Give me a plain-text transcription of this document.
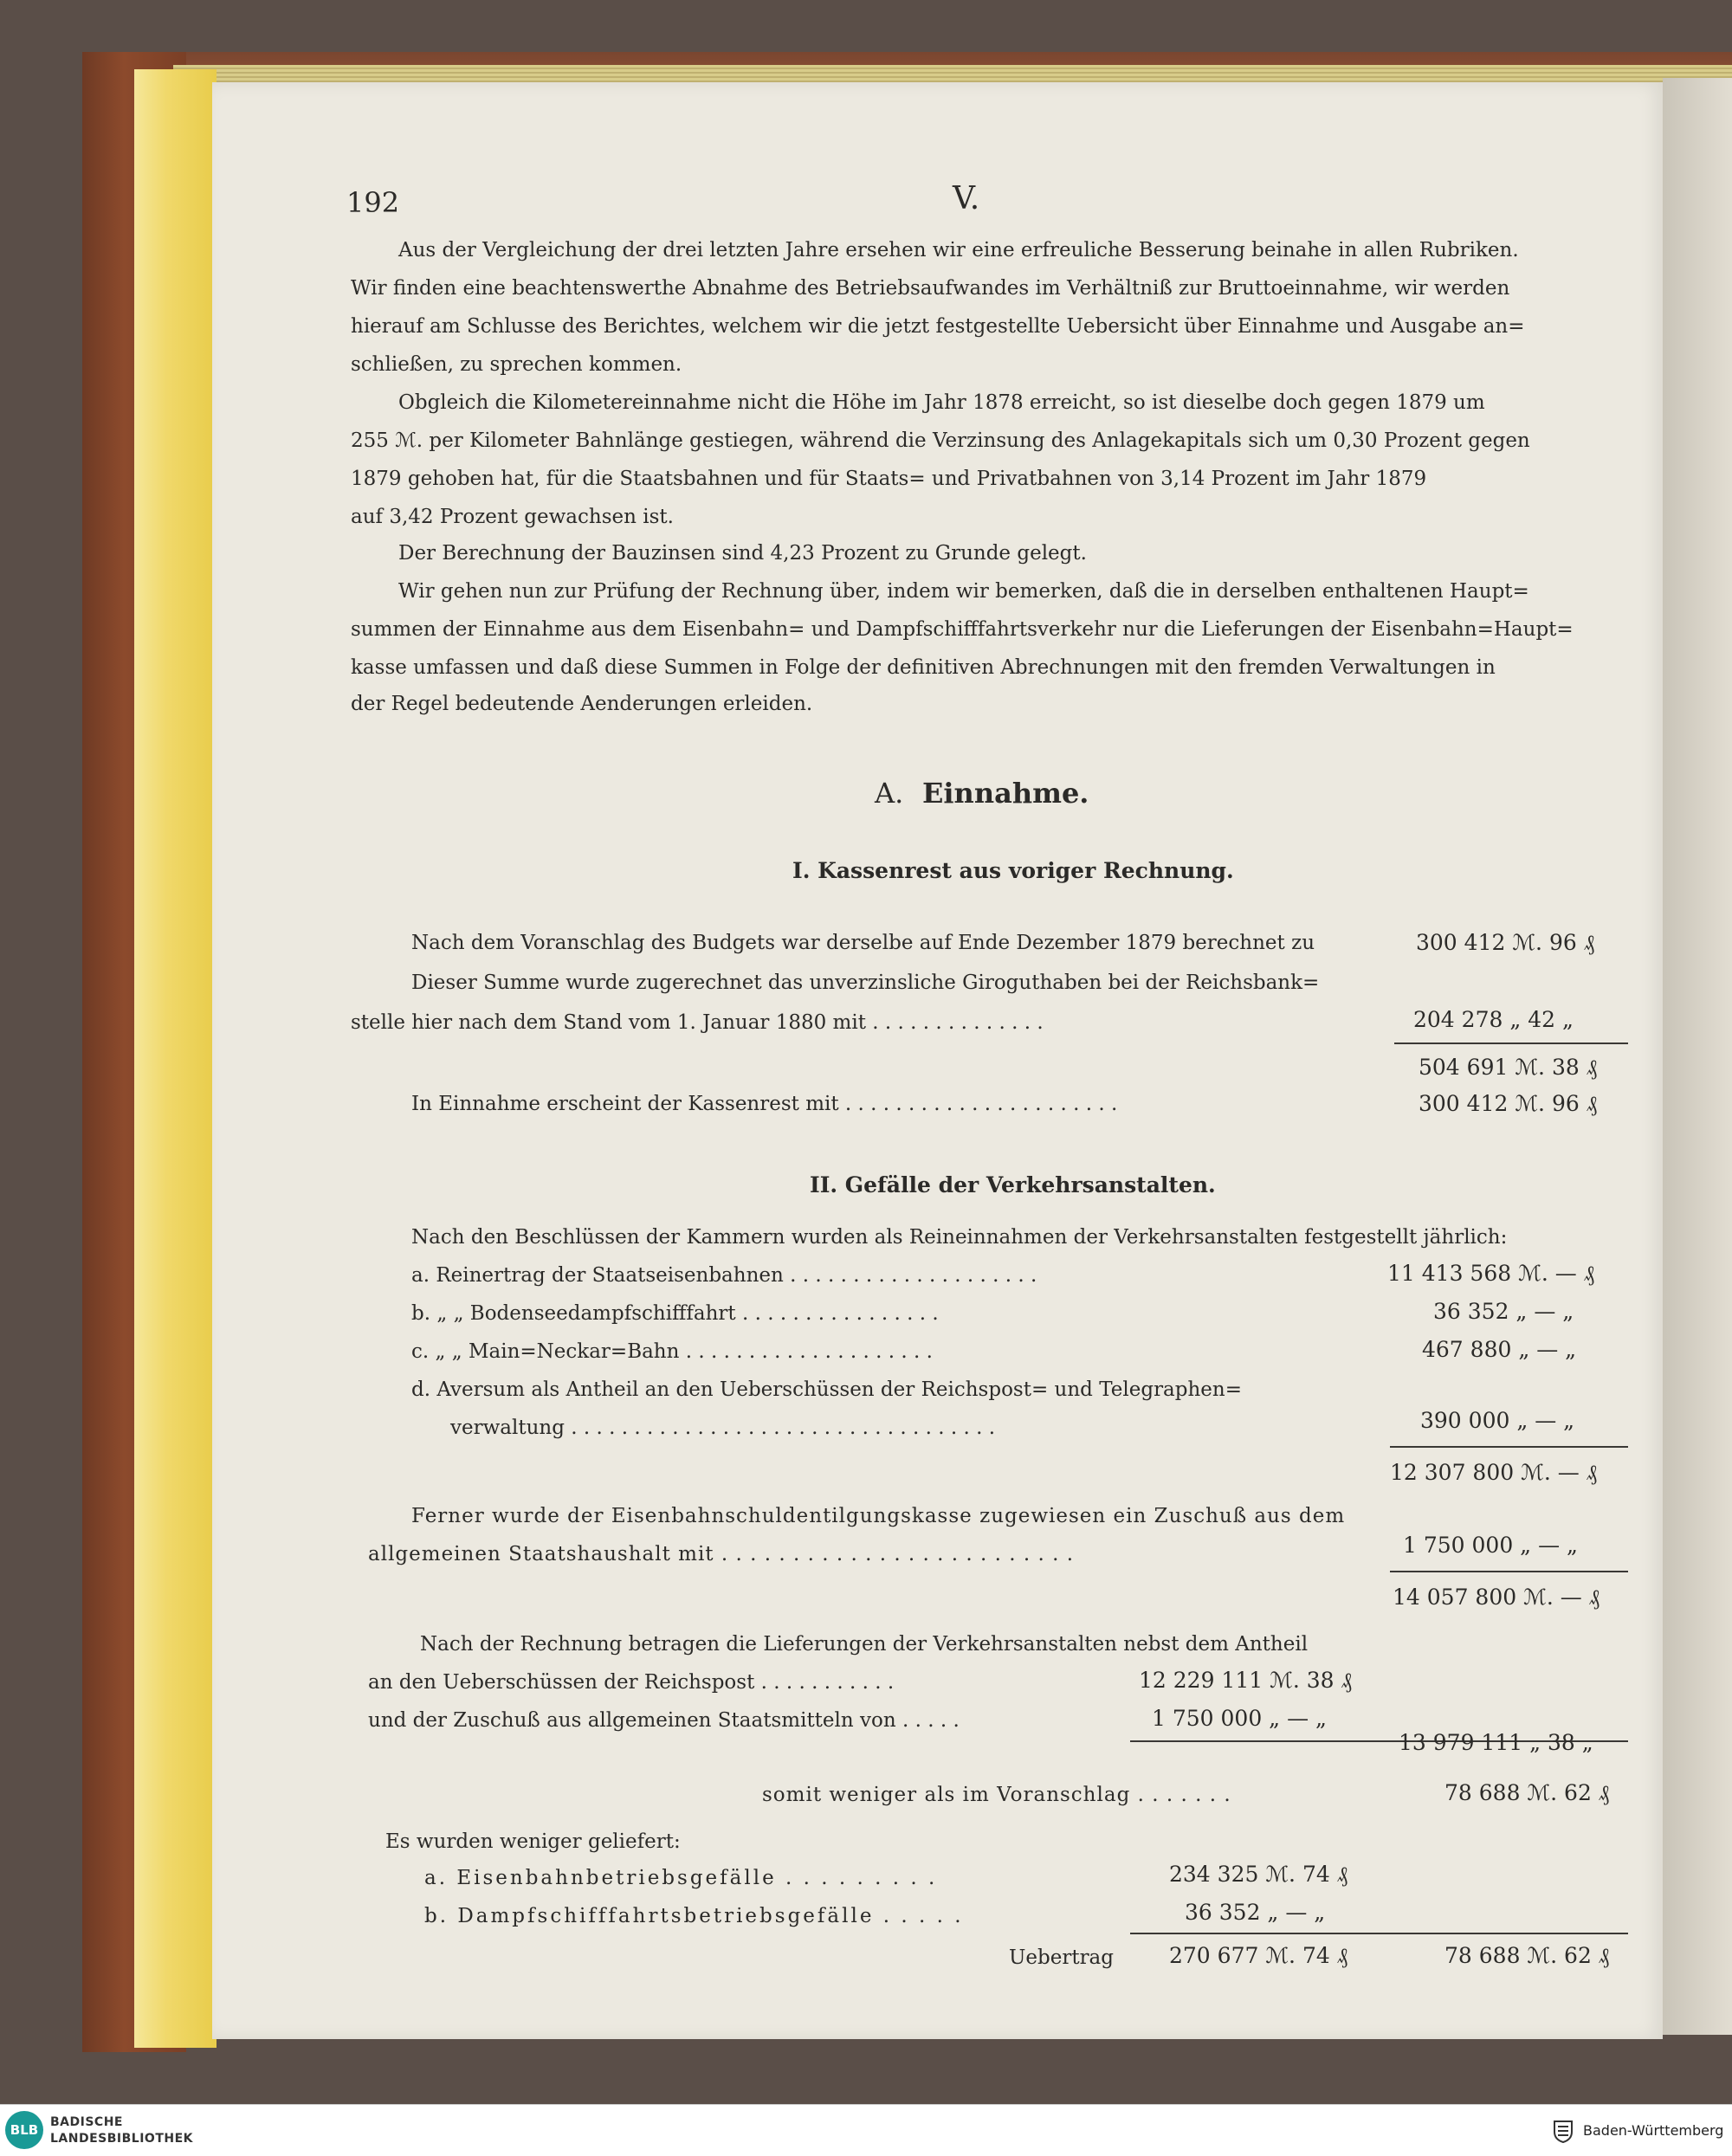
192	V.
Aus der Vergleichung der drei letzten Jahre ersehen wir eine erfreuliche Besserung beinahe in allen Rubriken.
Wir finden eine beachtenswerthe Abnahme des Betriebsaufwandes im Verhältniß zur Bruttoeinnahme, wir werden
hierauf am Schlusse des Berichtes, welchem wir die jetzt festgestellte Uebersicht über Einnahme und Ausgabe an=
schließen, zu sprechen kommen.
Obgleich die Kilometereinnahme nicht die Höhe im Jahr 1878 erreicht, so ist dieselbe doch gegen 1879 um
255 ℳ. per Kilometer Bahnlänge gestiegen, während die Verzinsung des Anlagekapitals sich um 0,30 Prozent gegen
1879 gehoben hat, für die Staatsbahnen und für Staats= und Privatbahnen von 3,14 Prozent im Jahr 1879
auf 3,42 Prozent gewachsen ist.
Der Berechnung der Bauzinsen sind 4,23 Prozent zu Grunde gelegt.
Wir gehen nun zur Prüfung der Rechnung über, indem wir bemerken, daß die in derselben enthaltenen Haupt=
summen der Einnahme aus dem Eisenbahn= und Dampfschifffahrtsverkehr nur die Lieferungen der Eisenbahn=Haupt=
kasse umfassen und daß diese Summen in Folge der definitiven Abrechnungen mit den fremden Verwaltungen in
der Regel bedeutende Aenderungen erleiden.
A. Einnahme.
I. Kassenrest aus voriger Rechnung.
Nach dem Voranschlag des Budgets war derselbe auf Ende Dezember 1879 berechnet zu	300 412 ℳ. 96 ₰
Dieser Summe wurde zugerechnet das unverzinsliche Giroguthaben bei der Reichsbank=
stelle hier nach dem Stand vom 1. Januar 1880 mit . . . . . . . . . . . . . .	204 278 „ 42 „
504 691 ℳ. 38 ₰
In Einnahme erscheint der Kassenrest mit . . . . . . . . . . . . . . . . . . . . . .	300 412 ℳ. 96 ₰
II. Gefälle der Verkehrsanstalten.
Nach den Beschlüssen der Kammern wurden als Reineinnahmen der Verkehrsanstalten festgestellt jährlich:
a. Reinertrag der Staatseisenbahnen . . . . . . . . . . . . . . . . . . . .	11 413 568 ℳ. — ₰
b. „ „ Bodenseedampfschifffahrt . . . . . . . . . . . . . . . .	36 352 „ — „
c. „ „ Main=Neckar=Bahn . . . . . . . . . . . . . . . . . . . .	467 880 „ — „
d. Aversum als Antheil an den Ueberschüssen der Reichspost= und Telegraphen=
verwaltung . . . . . . . . . . . . . . . . . . . . . . . . . . . . . . . . . .	390 000 „ — „
12 307 800 ℳ. — ₰
Ferner wurde der Eisenbahnschuldentilgungskasse zugewiesen ein Zuschuß aus dem
allgemeinen Staatshaushalt mit . . . . . . . . . . . . . . . . . . . . . . . . .	1 750 000 „ — „
14 057 800 ℳ. — ₰
Nach der Rechnung betragen die Lieferungen der Verkehrsanstalten nebst dem Antheil
an den Ueberschüssen der Reichspost . . . . . . . . . . .	12 229 111 ℳ. 38 ₰
und der Zuschuß aus allgemeinen Staatsmitteln von . . . . .	1 750 000 „ — „
13 979 111 „ 38 „
somit weniger als im Voranschlag . . . . . . .	78 688 ℳ. 62 ₰
Es wurden weniger geliefert:
a. Eisenbahnbetriebsgefälle . . . . . . . . .	234 325 ℳ. 74 ₰
b. Dampfschifffahrtsbetriebsgefälle . . . . .	36 352 „ — „
Uebertrag	270 677 ℳ. 74 ₰	78 688 ℳ. 62 ₰
BLB BADISCHE
LANDESBIBLIOTHEK	Baden-Württemberg
